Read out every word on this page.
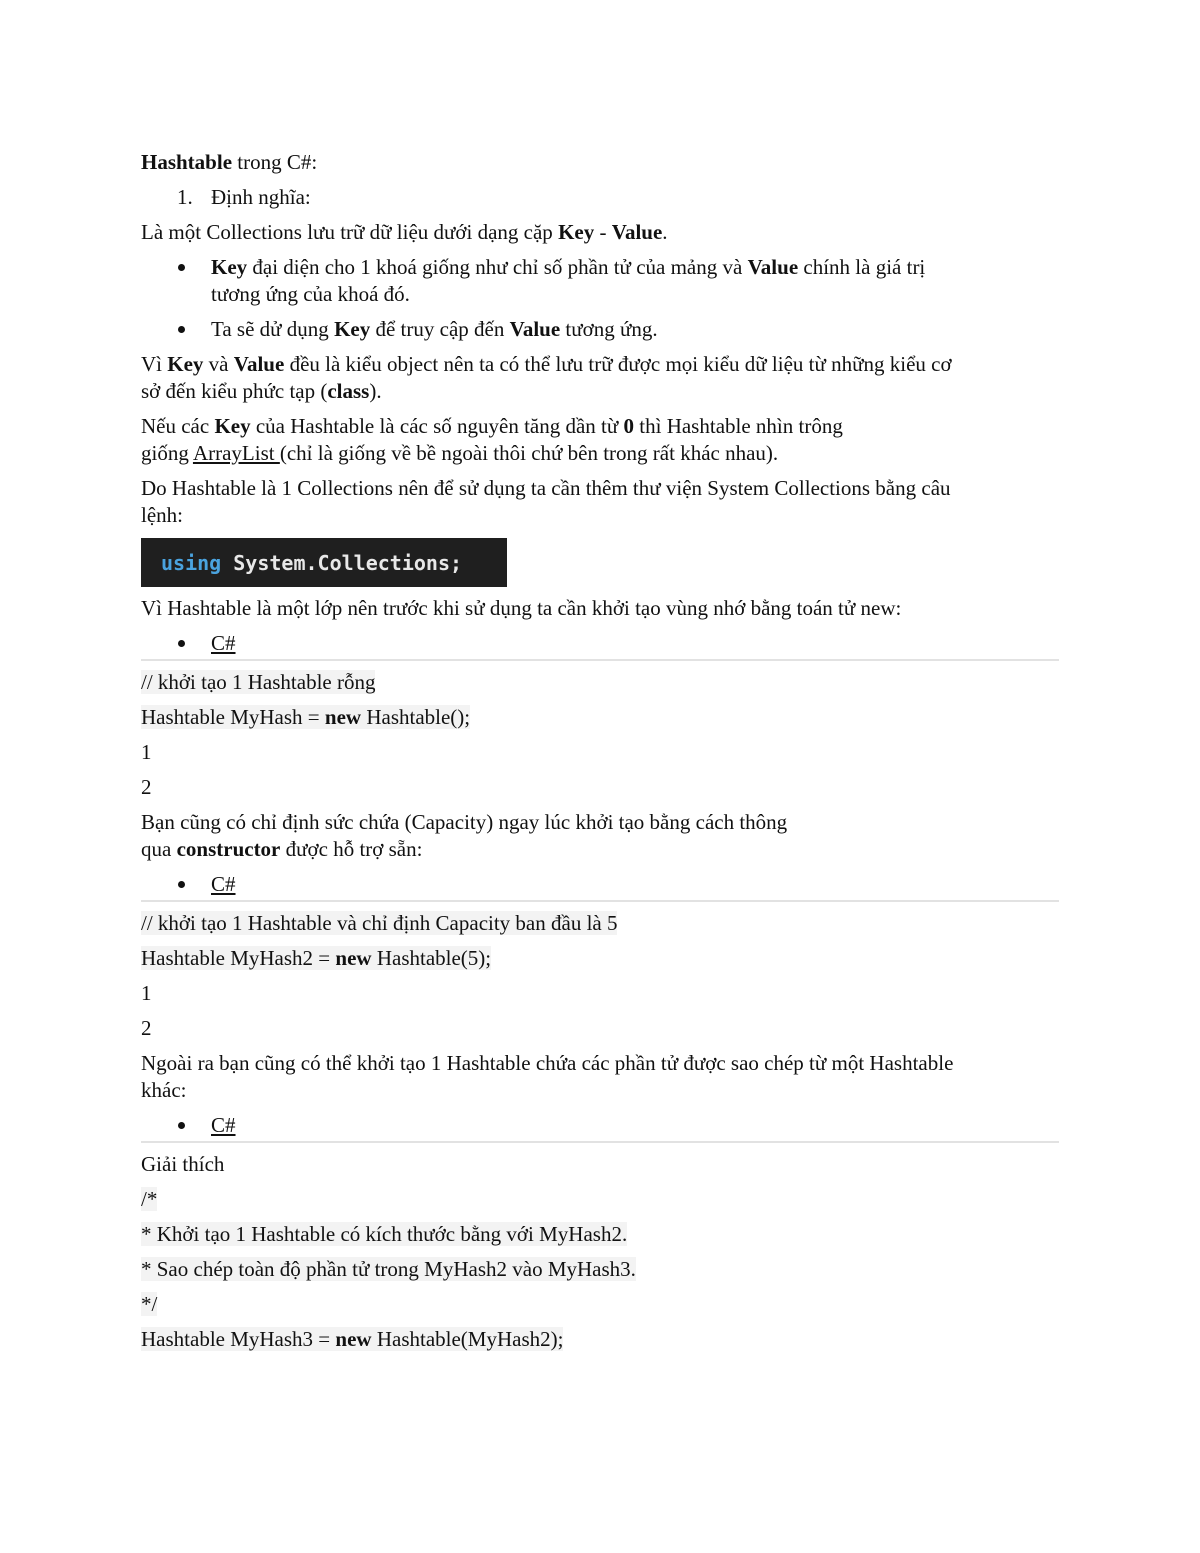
Hashtable trong C#:

1. Định nghĩa:

Là một Collections lưu trữ dữ liệu dưới dạng cặp Key - Value.

Key đại diện cho 1 khoá giống như chỉ số phần tử của mảng và Value chính là giá trị
tương ứng của khoá đó.
Ta sẽ dử dụng Key để truy cập đến Value tương ứng.

Vì Key và Value đều là kiểu object nên ta có thể lưu trữ được mọi kiểu dữ liệu từ những kiểu cơ
sở đến kiểu phức tạp (class).

Nếu các Key của Hashtable là các số nguyên tăng dần từ 0 thì Hashtable nhìn trông
giống ArrayList (chỉ là giống về bề ngoài thôi chứ bên trong rất khác nhau).

Do Hashtable là 1 Collections nên để sử dụng ta cần thêm thư viện System Collections bằng câu
lệnh:

using System.Collections;

Vì Hashtable là một lớp nên trước khi sử dụng ta cần khởi tạo vùng nhớ bằng toán tử new:

C#

// khởi tạo 1 Hashtable rỗng

Hashtable MyHash = new Hashtable();

1

2

Bạn cũng có chỉ định sức chứa (Capacity) ngay lúc khởi tạo bằng cách thông
qua constructor được hỗ trợ sẵn:

C#

// khởi tạo 1 Hashtable và chỉ định Capacity ban đầu là 5

Hashtable MyHash2 = new Hashtable(5);

1

2

Ngoài ra bạn cũng có thể khởi tạo 1 Hashtable chứa các phần tử được sao chép từ một Hashtable
khác:

C#

Giải thích

/*

* Khởi tạo 1 Hashtable có kích thước bằng với MyHash2.

* Sao chép toàn độ phần tử trong MyHash2 vào MyHash3.

*/

Hashtable MyHash3 = new Hashtable(MyHash2);
